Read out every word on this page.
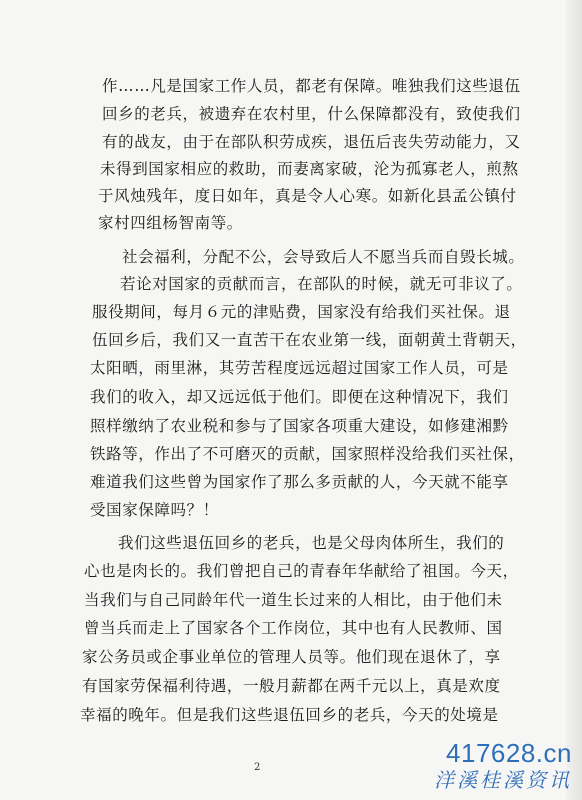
作……凡是国家工作人员，都老有保障。唯独我们这些退伍
回乡的老兵，被遗弃在农村里，什么保障都没有，致使我们
有的战友，由于在部队积劳成疾，退伍后丧失劳动能力，又
未得到国家相应的救助，而妻离家破，沦为孤寡老人，煎熬
于风烛残年，度日如年，真是令人心寒。如新化县孟公镇付
家村四组杨智南等。
社会福利，分配不公，会导致后人不愿当兵而自毁长城。
若论对国家的贡献而言，在部队的时候，就无可非议了。
服役期间，每月６元的津贴费，国家没有给我们买社保。退
伍回乡后，我们又一直苦干在农业第一线，面朝黄土背朝天，
太阳晒，雨里淋，其劳苦程度远远超过国家工作人员，可是
我们的收入，却又远远低于他们。即便在这种情况下，我们
照样缴纳了农业税和参与了国家各项重大建设，如修建湘黔
铁路等，作出了不可磨灭的贡献，国家照样没给我们买社保，
难道我们这些曾为国家作了那么多贡献的人，今天就不能享
受国家保障吗？！
我们这些退伍回乡的老兵，也是父母肉体所生，我们的
心也是肉长的。我们曾把自己的青春年华献给了祖国。今天，
当我们与自己同龄年代一道生长过来的人相比，由于他们未
曾当兵而走上了国家各个工作岗位，其中也有人民教师、国
家公务员或企事业单位的管理人员等。他们现在退休了，享
有国家劳保福利待遇，一般月薪都在两千元以上，真是欢度
幸福的晚年。但是我们这些退伍回乡的老兵，今天的处境是
2	417628.cn
洋溪桂溪资讯
